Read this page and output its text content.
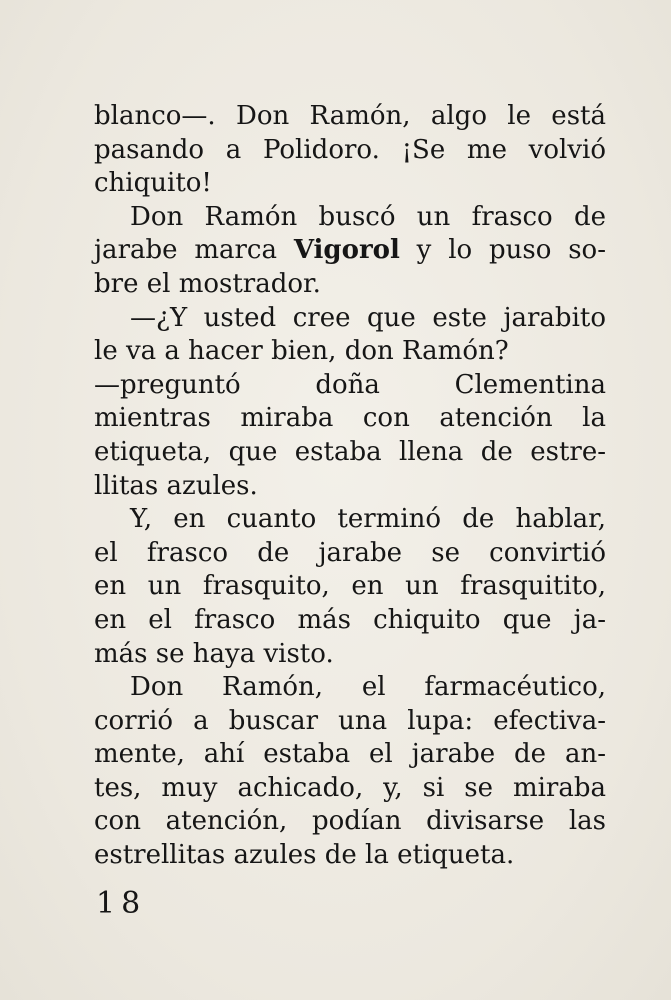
blanco—. Don Ramón, algo le está
pasando a Polidoro. ¡Se me volvió
chiquito!
Don Ramón buscó un frasco de
jarabe marca Vigorol y lo puso so-
bre el mostrador.
—¿Y usted cree que este jarabito
le va a hacer bien, don Ramón?
—preguntó doña Clementina
mientras miraba con atención la
etiqueta, que estaba llena de estre-
llitas azules.
Y, en cuanto terminó de hablar,
el frasco de jarabe se convirtió
en un frasquito, en un frasquitito,
en el frasco más chiquito que ja-
más se haya visto.
Don Ramón, el farmacéutico,
corrió a buscar una lupa: efectiva-
mente, ahí estaba el jarabe de an-
tes, muy achicado, y, si se miraba
con atención, podían divisarse las
estrellitas azules de la etiqueta.
18
